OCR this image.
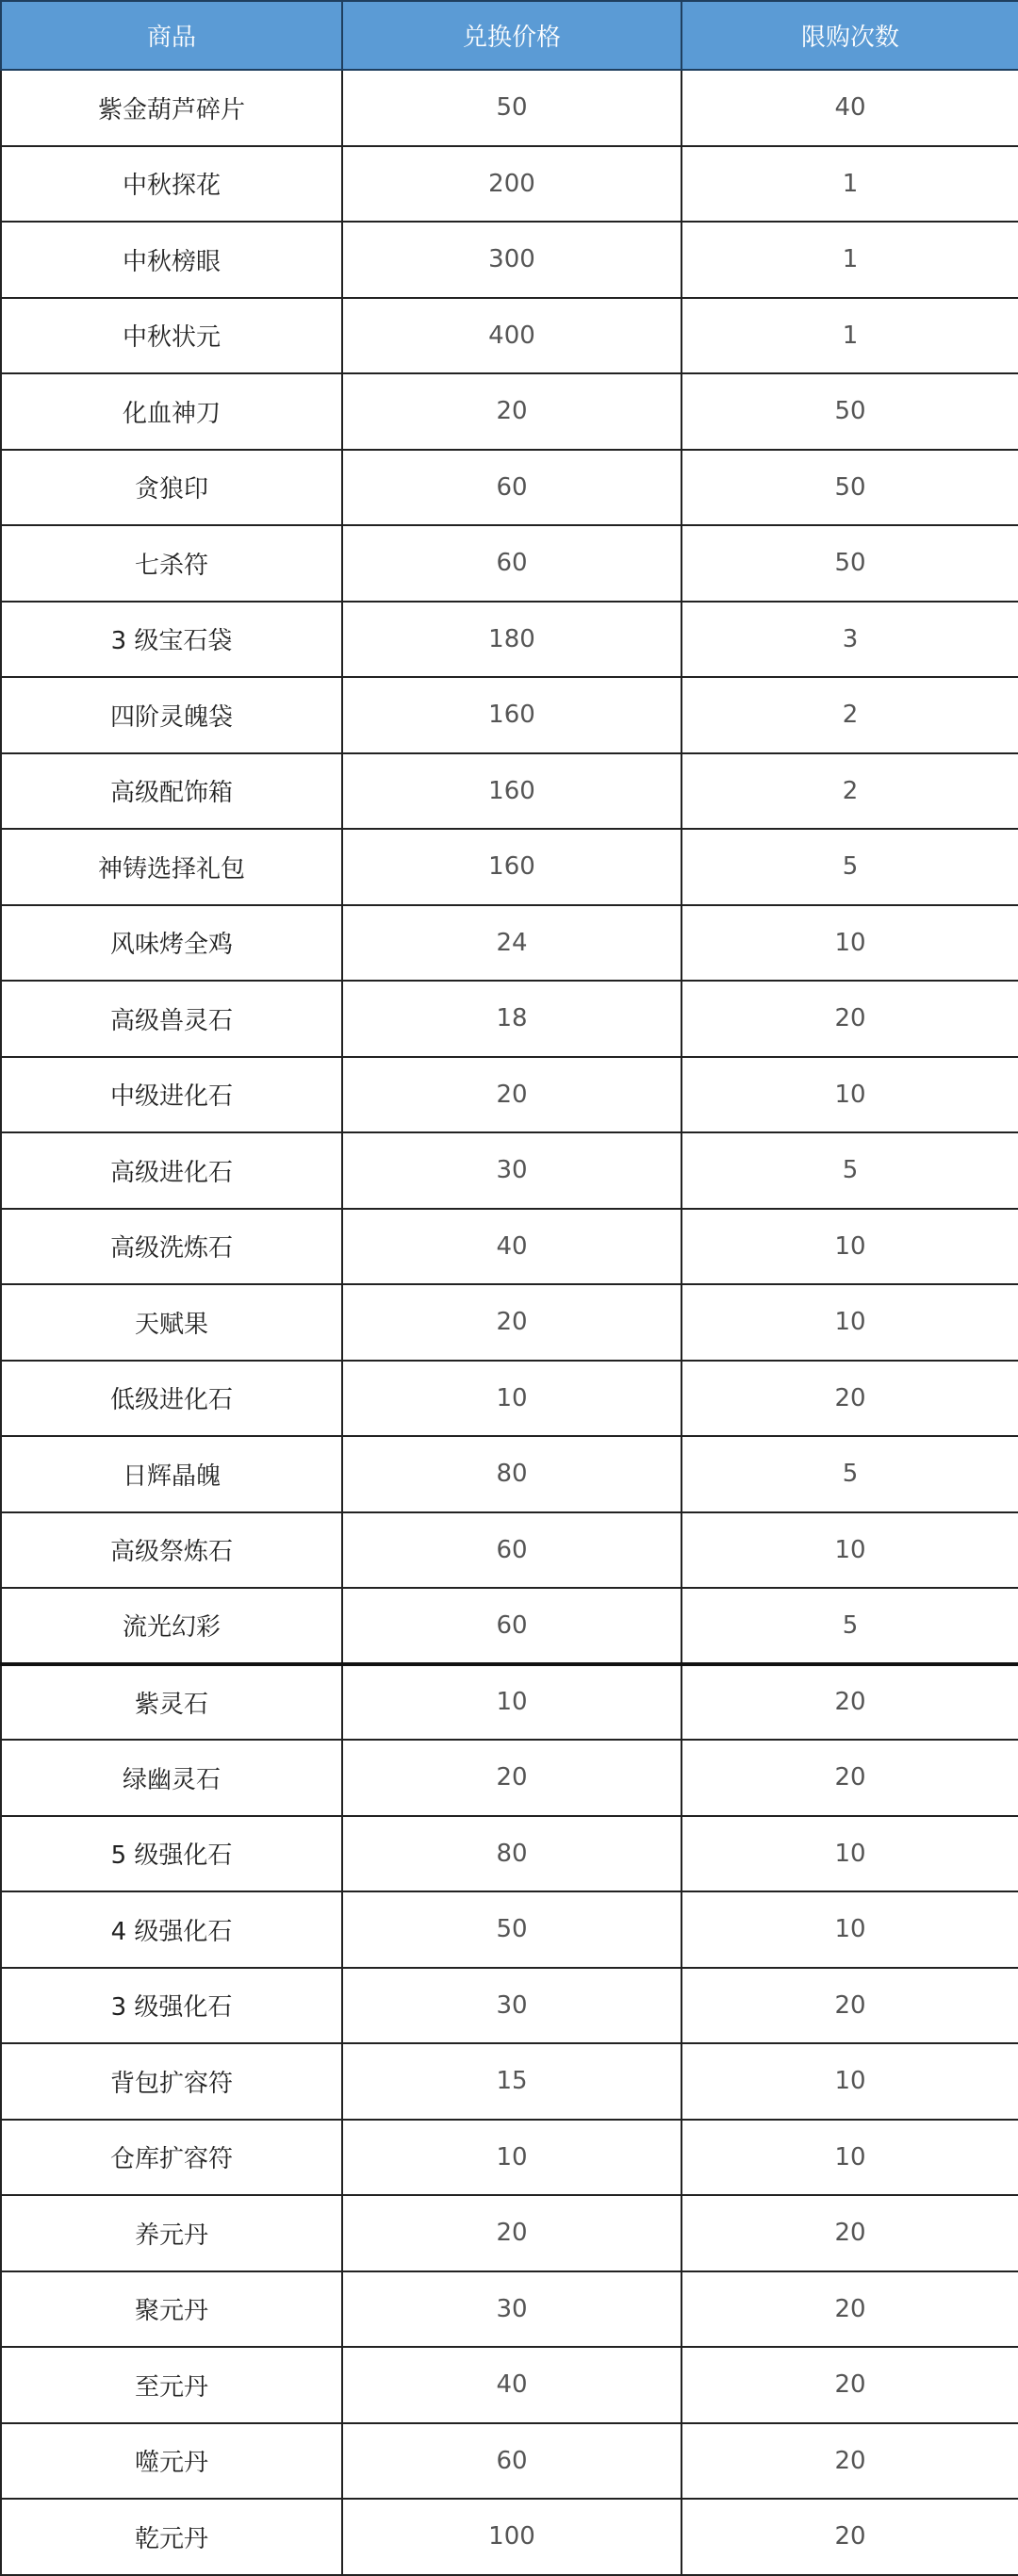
商品	兑换价格	限购次数
紫金葫芦碎片	50	40
中秋探花	200	1
中秋榜眼	300	1
中秋状元	400	1
化血神刀	20	50
贪狼印	60	50
七杀符	60	50
3 级宝石袋	180	3
四阶灵魄袋	160	2
高级配饰箱	160	2
神铸选择礼包	160	5
风味烤全鸡	24	10
高级兽灵石	18	20
中级进化石	20	10
高级进化石	30	5
高级洗炼石	40	10
天赋果	20	10
低级进化石	10	20
日辉晶魄	80	5
高级祭炼石	60	10
流光幻彩	60	5
紫灵石	10	20
绿幽灵石	20	20
5 级强化石	80	10
4 级强化石	50	10
3 级强化石	30	20
背包扩容符	15	10
仓库扩容符	10	10
养元丹	20	20
聚元丹	30	20
至元丹	40	20
噬元丹	60	20
乾元丹	100	20
